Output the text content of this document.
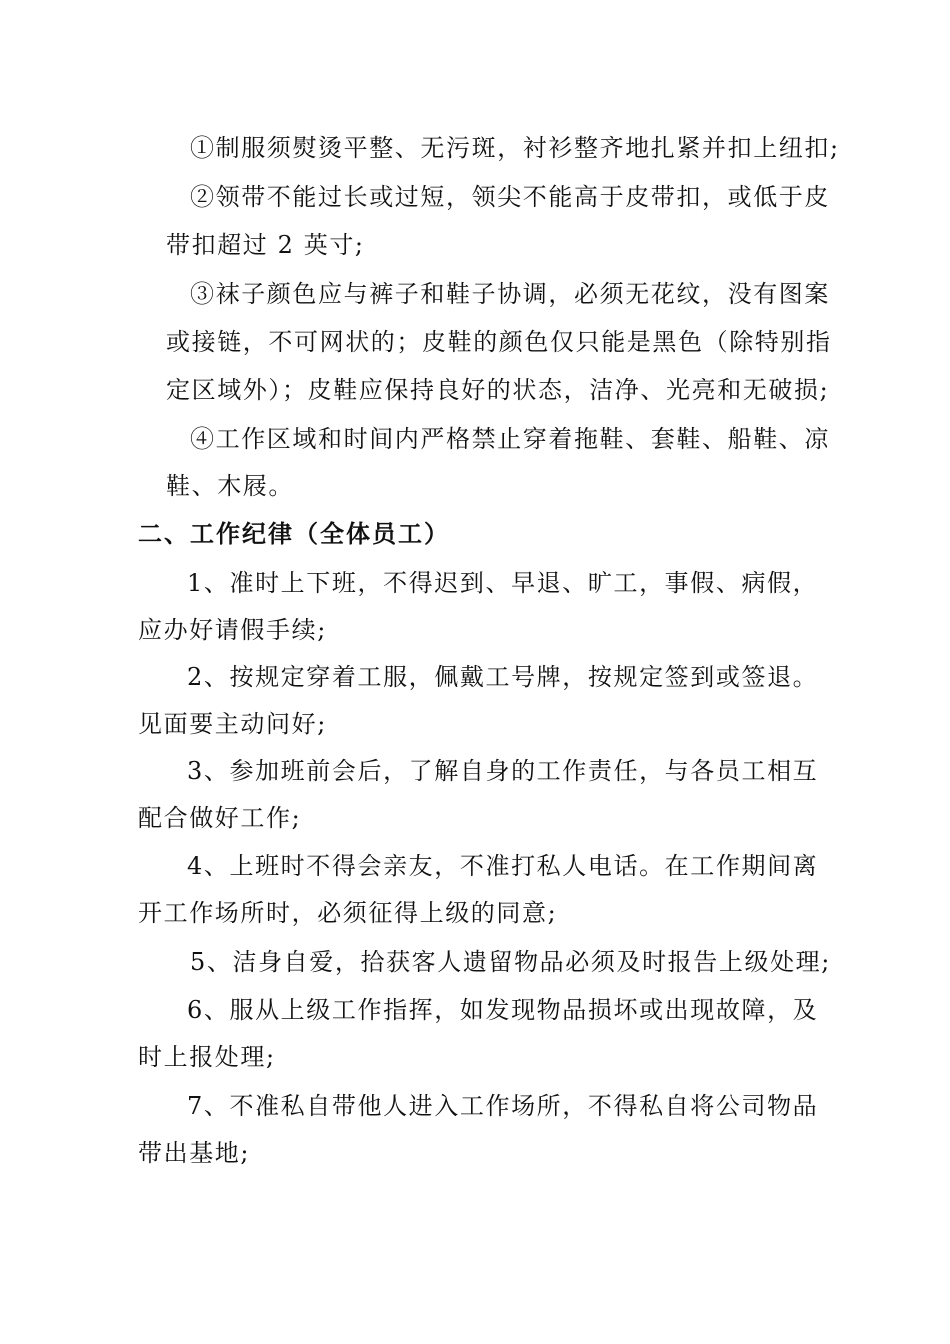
①制服须熨烫平整、无污斑，衬衫整齐地扎紧并扣上纽扣;
②领带不能过长或过短，领尖不能高于皮带扣，或低于皮
带扣超过 2 英寸;
③袜子颜色应与裤子和鞋子协调，必须无花纹，没有图案
或接链，不可网状的；皮鞋的颜色仅只能是黑色（除特别指
定区域外）；皮鞋应保持良好的状态，洁净、光亮和无破损;
④工作区域和时间内严格禁止穿着拖鞋、套鞋、船鞋、凉
鞋、木屐。
二、工作纪律（全体员工）
1、准时上下班，不得迟到、早退、旷工，事假、病假，
应办好请假手续;
2、按规定穿着工服，佩戴工号牌，按规定签到或签退。
见面要主动问好;
3、参加班前会后，了解自身的工作责任，与各员工相互
配合做好工作;
4、上班时不得会亲友，不准打私人电话。在工作期间离
开工作场所时，必须征得上级的同意;
5、洁身自爱，拾获客人遗留物品必须及时报告上级处理;
6、服从上级工作指挥，如发现物品损坏或出现故障，及
时上报处理;
7、不准私自带他人进入工作场所，不得私自将公司物品
带出基地;
